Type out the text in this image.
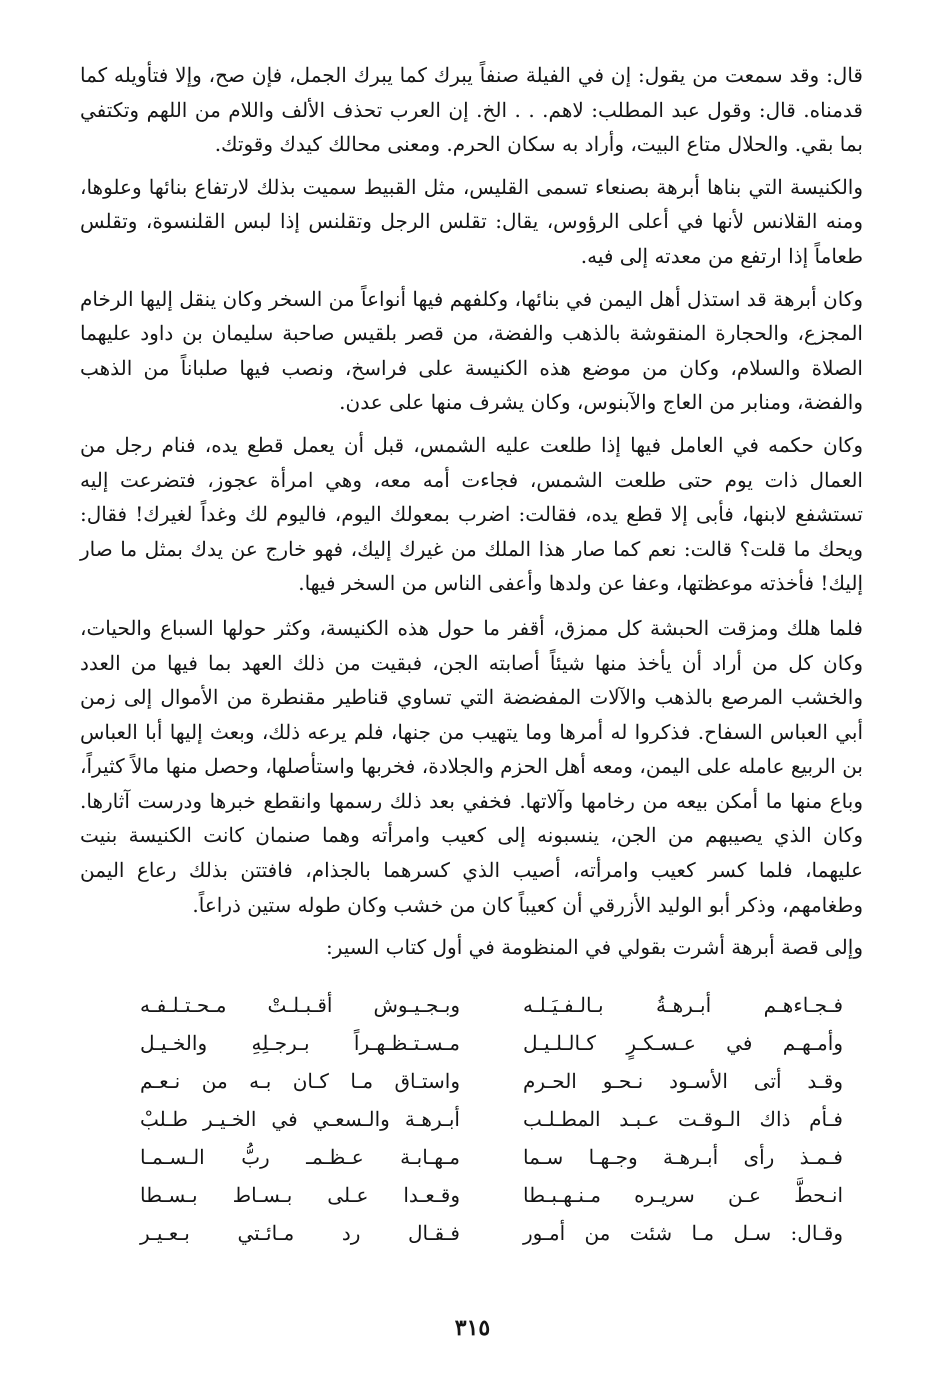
قال: وقد سمعت من يقول: إن في الفيلة صنفاً يبرك كما يبرك الجمل، فإن صح، وإلا فتأويله كما قدمناه. قال: وقول عبد المطلب: لاهم. . . الخ. إن العرب تحذف الألف واللام من اللهم وتكتفي بما بقي. والحلال متاع البيت، وأراد به سكان الحرم. ومعنى محالك كيدك وقوتك.

والكنيسة التي بناها أبرهة بصنعاء تسمى القليس، مثل القبيط سميت بذلك لارتفاع بنائها وعلوها، ومنه القلانس لأنها في أعلى الرؤوس، يقال: تقلس الرجل وتقلنس إذا لبس القلنسوة، وتقلس طعاماً إذا ارتفع من معدته إلى فيه.

وكان أبرهة قد استذل أهل اليمن في بنائها، وكلفهم فيها أنواعاً من السخر وكان ينقل إليها الرخام المجزع، والحجارة المنقوشة بالذهب والفضة، من قصر بلقيس صاحبة سليمان بن داود عليهما الصلاة والسلام، وكان من موضع هذه الكنيسة على فراسخ، ونصب فيها صلباناً من الذهب والفضة، ومنابر من العاج والآبنوس، وكان يشرف منها على عدن.

وكان حكمه في العامل فيها إذا طلعت عليه الشمس، قبل أن يعمل قطع يده، فنام رجل من العمال ذات يوم حتى طلعت الشمس، فجاءت أمه معه، وهي امرأة عجوز، فتضرعت إليه تستشفع لابنها، فأبى إلا قطع يده، فقالت: اضرب بمعولك اليوم، فاليوم لك وغداً لغيرك! فقال: ويحك ما قلت؟ قالت: نعم كما صار هذا الملك من غيرك إليك، فهو خارج عن يدك بمثل ما صار إليك! فأخذته موعظتها، وعفا عن ولدها وأعفى الناس من السخر فيها.

فلما هلك ومزقت الحبشة كل ممزق، أقفر ما حول هذه الكنيسة، وكثر حولها السباع والحيات، وكان كل من أراد أن يأخذ منها شيئاً أصابته الجن، فبقيت من ذلك العهد بما فيها من العدد والخشب المرصع بالذهب والآلات المفضضة التي تساوي قناطير مقنطرة من الأموال إلى زمن أبي العباس السفاح. فذكروا له أمرها وما يتهيب من جنها، فلم يرعه ذلك، وبعث إليها أبا العباس بن الربيع عامله على اليمن، ومعه أهل الحزم والجلادة، فخربها واستأصلها، وحصل منها مالاً كثيراً، وباع منها ما أمكن بيعه من رخامها وآلاتها. فخفي بعد ذلك رسمها وانقطع خبرها ودرست آثارها. وكان الذي يصيبهم من الجن، ينسبونه إلى كعيب وامرأته وهما صنمان كانت الكنيسة بنيت عليهما، فلما كسر كعيب وامرأته، أصيب الذي كسرهما بالجذام، فافتتن بذلك رعاع اليمن وطغامهم، وذكر أبو الوليد الأزرقي أن كعيباً كان من خشب وكان طوله ستين ذراعاً.

وإلى قصة أبرهة أشرت بقولي في المنظومة في أول كتاب السير:

فـجـاءهـم أبـرهـةُ بـالـفـيَـلـه
وبـجـيـوش أقـبـلـتْ مـحـتـلـفـه
وأمـهـم في عـسـكـرٍ كـالـلـيـل
مـسـتـظـهـراً بـرجـلِهِ والخـيـل
وقـد أتى الأسـود نـحـو الحـرم
واستـاق مـا كـان بـه من نـعـم
فـأم ذاك الـوقـت عـبـد المطـلـب
أبـرهـة والـسعـي في الخـيـر طـلبْ
فـمـذ رأى أبـرهـة وجـهـا سـما
مـهـابـة عـظـمـ ربُّ الـسـمـا
انـحطَّ عـن سريـره مـنـهـبـطا
وقـعـدا عـلى بـسـاط بـسـطا
وقـال: سـل مـا شئت من أمـور
فـقـال رد مـائـتي بـعـيـر
٣١٥
